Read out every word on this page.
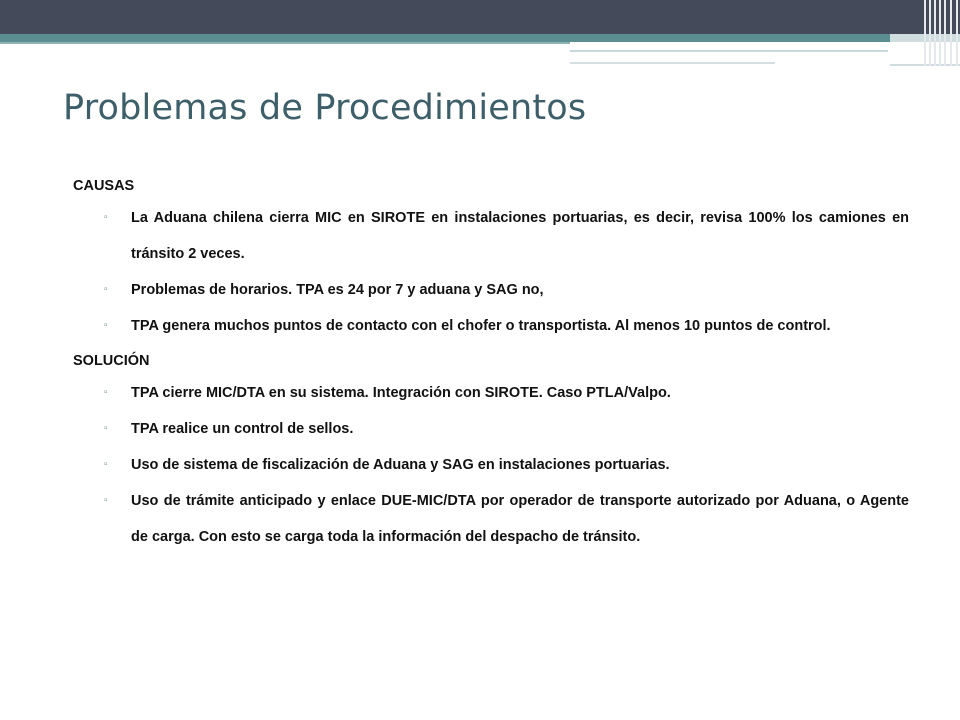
Problemas de Procedimientos

CAUSAS

▫ La Aduana chilena cierra MIC en SIROTE en instalaciones portuarias, es decir, revisa 100% los camiones en tránsito 2 veces.
▫ Problemas de horarios. TPA es 24 por 7 y aduana y SAG no,
▫ TPA genera muchos puntos de contacto con el chofer o transportista. Al menos 10 puntos de control.

SOLUCIÓN

▫ TPA cierre MIC/DTA en su sistema. Integración con SIROTE. Caso PTLA/Valpo.
▫ TPA realice un control de sellos.
▫ Uso de sistema de fiscalización de Aduana y SAG en instalaciones portuarias.
▫ Uso de trámite anticipado y enlace DUE-MIC/DTA por operador de transporte autorizado por Aduana, o Agente de carga. Con esto se carga toda la información del despacho de tránsito.
